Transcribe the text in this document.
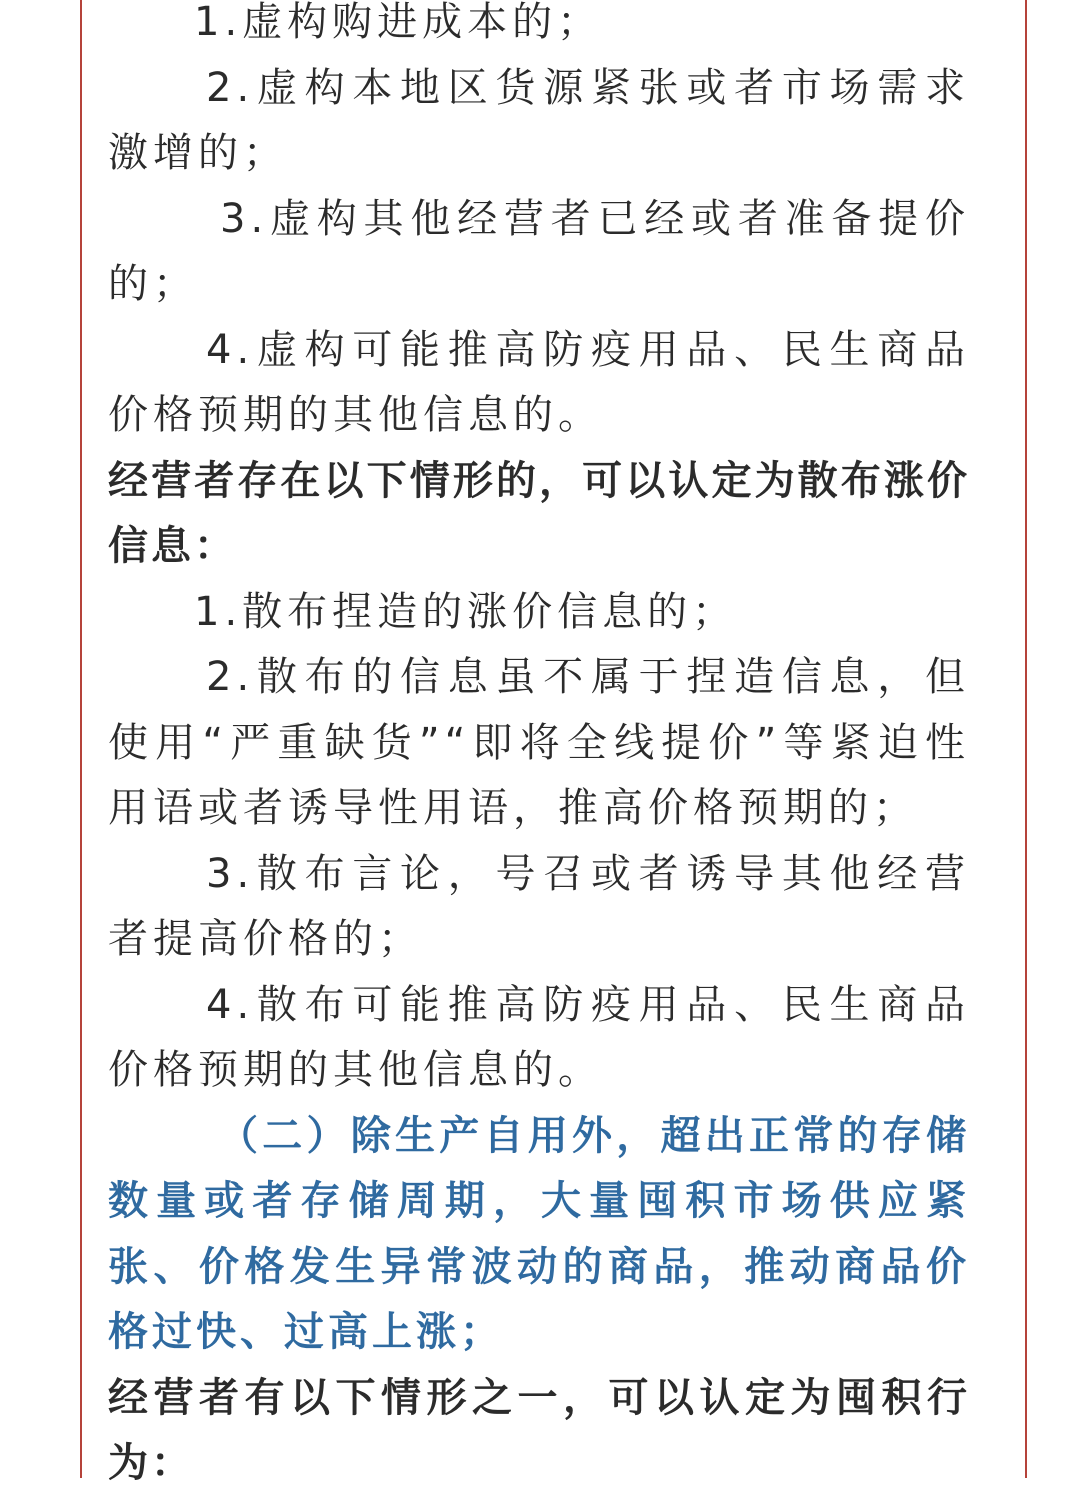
1.虚构购进成本的；

2.虚构本地区货源紧张或者市场需求激增的；

3.虚构其他经营者已经或者准备提价的；

4.虚构可能推高防疫用品、民生商品价格预期的其他信息的。

经营者存在以下情形的，可以认定为散布涨价信息：

1.散布捏造的涨价信息的；

2.散布的信息虽不属于捏造信息，但使用“严重缺货”“即将全线提价”等紧迫性用语或者诱导性用语，推高价格预期的；

3.散布言论，号召或者诱导其他经营者提高价格的；

4.散布可能推高防疫用品、民生商品价格预期的其他信息的。

（二）除生产自用外，超出正常的存储数量或者存储周期，大量囤积市场供应紧张、价格发生异常波动的商品，推动商品价格过快、过高上涨；

经营者有以下情形之一，可以认定为囤积行为：
